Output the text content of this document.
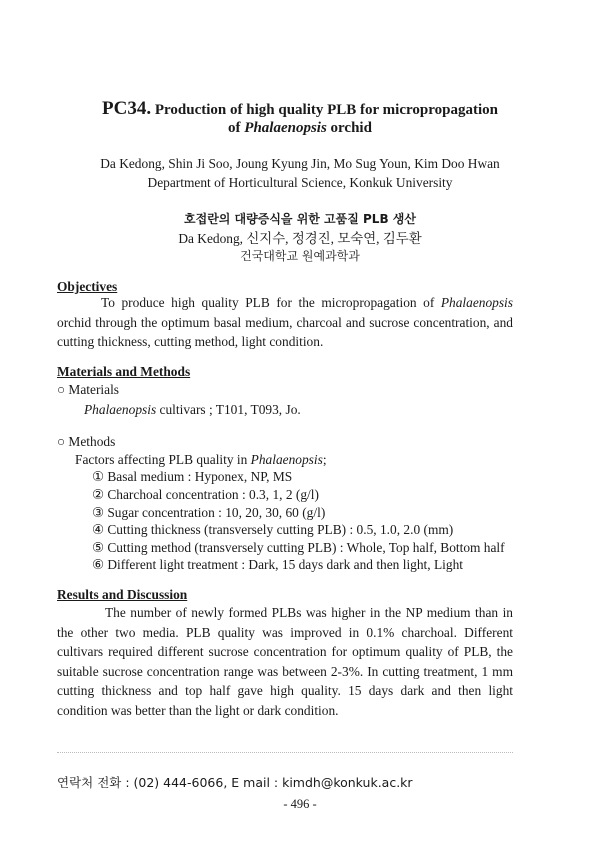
PC34. Production of high quality PLB for micropropagation
of Phalaenopsis orchid
Da Kedong, Shin Ji Soo, Joung Kyung Jin, Mo Sug Youn, Kim Doo Hwan
Department of Horticultural Science, Konkuk University
호접란의 대량증식을 위한 고품질 PLB 생산
Da Kedong, 신지수, 정경진, 모숙연, 김두환
건국대학교 원예과학과
Objectives
To produce high quality PLB for the micropropagation of Phalaenopsis orchid through the optimum basal medium, charcoal and sucrose concentration, and cutting thickness, cutting method, light condition.
Materials and Methods
○ Materials
Phalaenopsis cultivars ; T101, T093, Jo.
○ Methods
Factors affecting PLB quality in Phalaenopsis;
① Basal medium : Hyponex, NP, MS
② Charchoal concentration : 0.3, 1, 2 (g/l)
③ Sugar concentration : 10, 20, 30, 60 (g/l)
④ Cutting thickness (transversely cutting PLB) : 0.5, 1.0, 2.0 (mm)
⑤ Cutting method (transversely cutting PLB) : Whole, Top half, Bottom half
⑥ Different light treatment : Dark, 15 days dark and then light, Light
Results and Discussion
The number of newly formed PLBs was higher in the NP medium than in the other two media. PLB quality was improved in 0.1% charchoal. Different cultivars required different sucrose concentration for optimum quality of PLB, the suitable sucrose concentration range was between 2-3%. In cutting treatment, 1 mm cutting thickness and top half gave high quality. 15 days dark and then light condition was better than the light or dark condition.
연락처 전화 : (02) 444-6066, E mail : kimdh@konkuk.ac.kr
- 496 -
